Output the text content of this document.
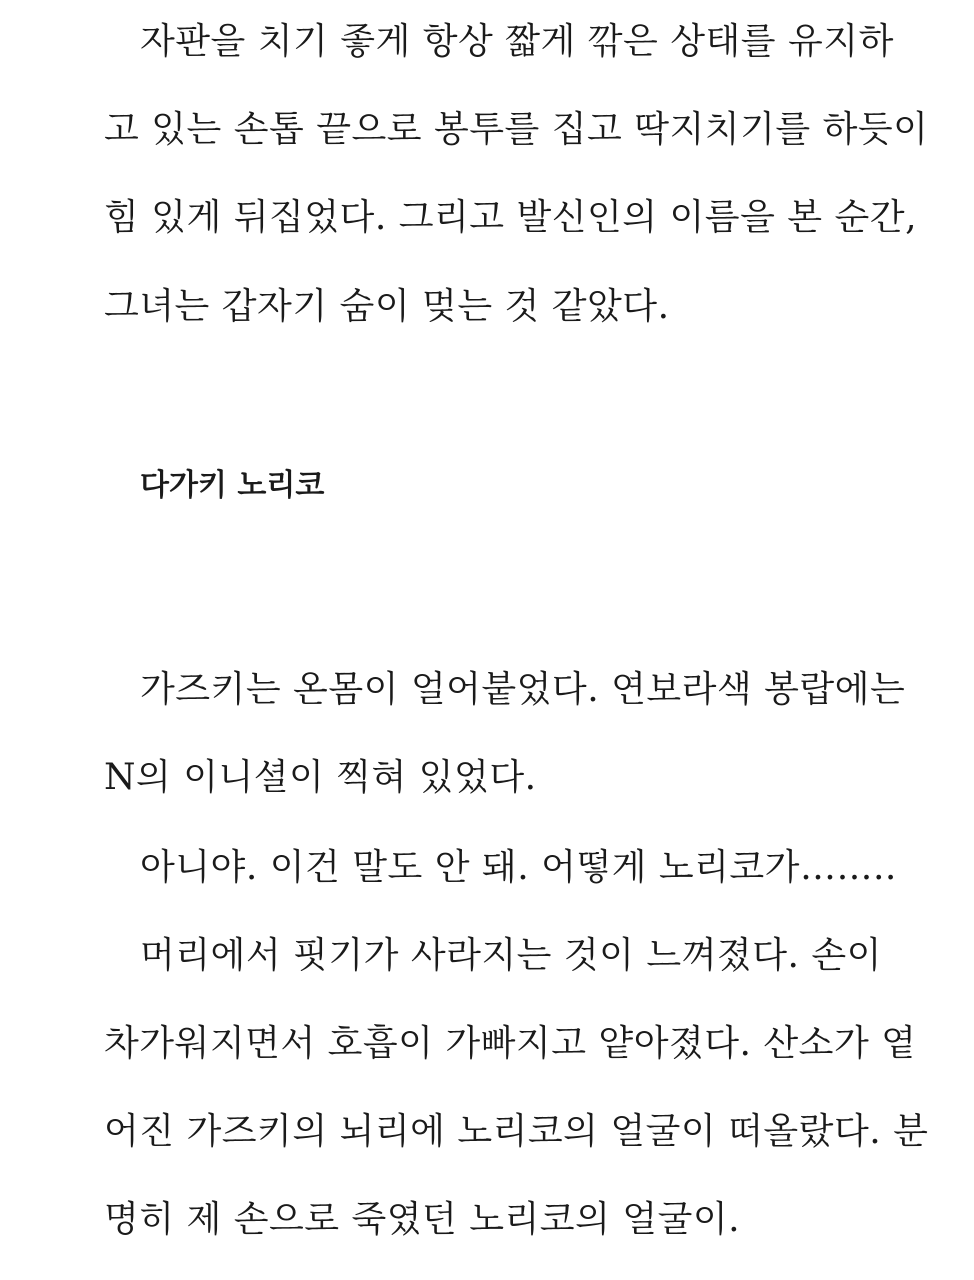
자판을 치기 좋게 항상 짧게 깎은 상태를 유지하
고 있는 손톱 끝으로 봉투를 집고 딱지치기를 하듯이
힘 있게 뒤집었다. 그리고 발신인의 이름을 본 순간,
그녀는 갑자기 숨이 멎는 것 같았다.
다가키 노리코
가즈키는 온몸이 얼어붙었다. 연보라색 봉랍에는
N의 이니셜이 찍혀 있었다.
아니야. 이건 말도 안 돼. 어떻게 노리코가……..
머리에서 핏기가 사라지는 것이 느껴졌다. 손이
차가워지면서 호흡이 가빠지고 얕아졌다. 산소가 옅
어진 가즈키의 뇌리에 노리코의 얼굴이 떠올랐다. 분
명히 제 손으로 죽였던 노리코의 얼굴이.
